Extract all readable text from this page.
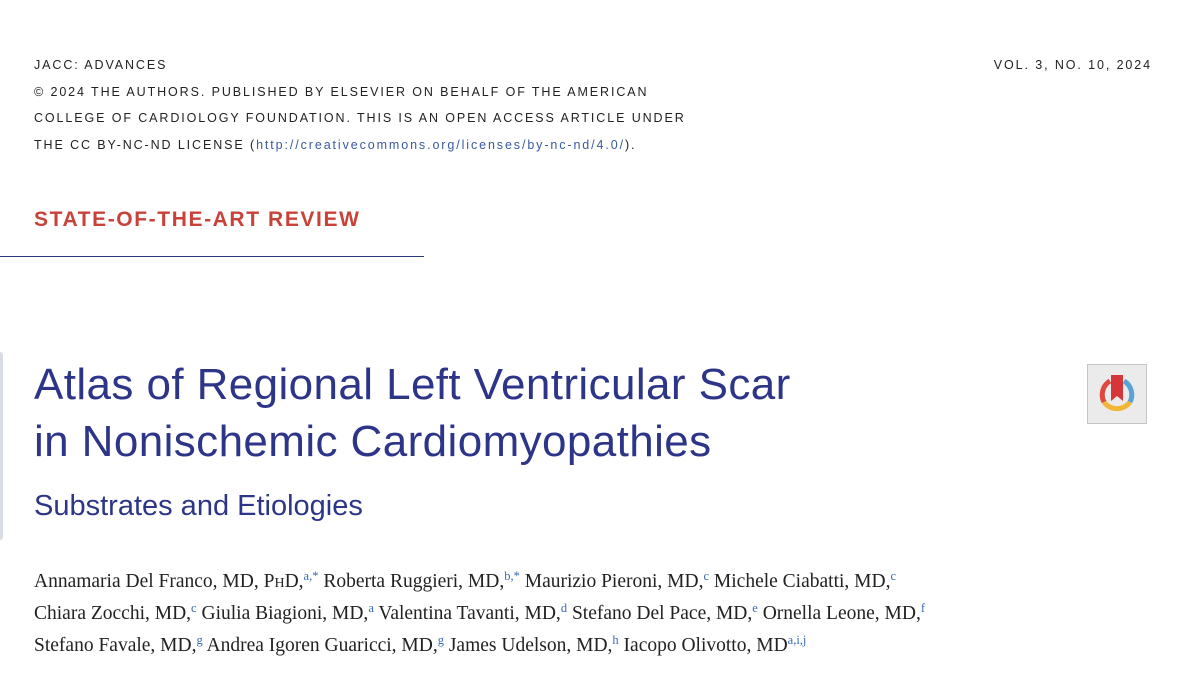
JACC: ADVANCES
© 2024 THE AUTHORS. PUBLISHED BY ELSEVIER ON BEHALF OF THE AMERICAN
COLLEGE OF CARDIOLOGY FOUNDATION. THIS IS AN OPEN ACCESS ARTICLE UNDER
THE CC BY-NC-ND LICENSE (http://creativecommons.org/licenses/by-nc-nd/4.0/).
VOL. 3, NO. 10, 2024
STATE-OF-THE-ART REVIEW
Atlas of Regional Left Ventricular Scar
in Nonischemic Cardiomyopathies
Substrates and Etiologies
Annamaria Del Franco, MD, PhD,$^{a,*}$ Roberta Ruggieri, MD,$^{b,*}$ Maurizio Pieroni, MD,$^c$ Michele Ciabatti, MD,$^c$
Chiara Zocchi, MD,$^c$ Giulia Biagioni, MD,$^a$ Valentina Tavanti, MD,$^d$ Stefano Del Pace, MD,$^e$ Ornella Leone, MD,$^f$
Stefano Favale, MD,$^g$ Andrea Igoren Guaricci, MD,$^g$ James Udelson, MD,$^h$ Iacopo Olivotto, MD$^{a,i,j}$
